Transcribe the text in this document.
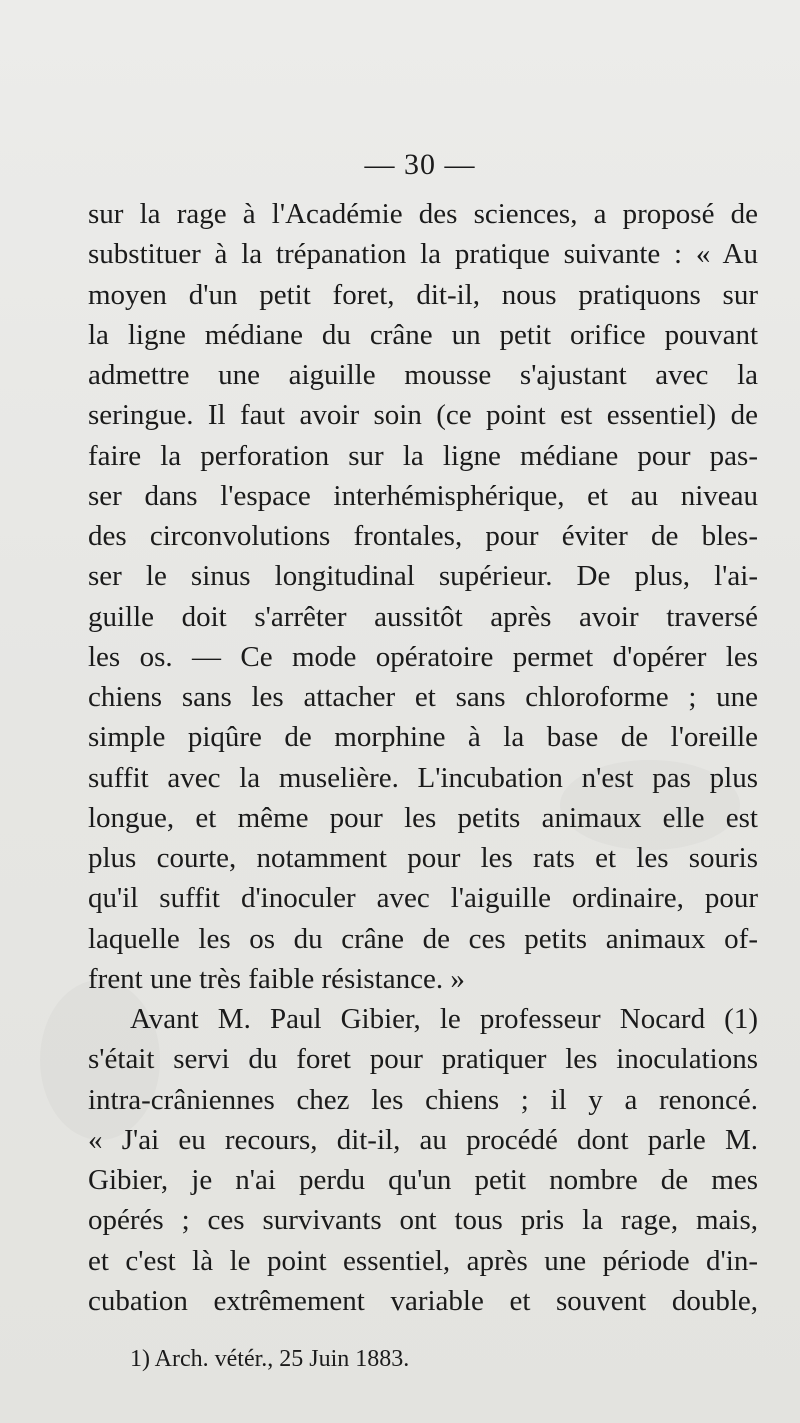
— 30 —
sur la rage à l'Académie des sciences, a proposé de
substituer à la trépanation la pratique suivante : « Au
moyen d'un petit foret, dit-il, nous pratiquons sur
la ligne médiane du crâne un petit orifice pouvant
admettre une aiguille mousse s'ajustant avec la
seringue. Il faut avoir soin (ce point est essentiel) de
faire la perforation sur la ligne médiane pour pas-
ser dans l'espace interhémisphérique, et au niveau
des circonvolutions frontales, pour éviter de bles-
ser le sinus longitudinal supérieur. De plus, l'ai-
guille doit s'arrêter aussitôt après avoir traversé
les os. — Ce mode opératoire permet d'opérer les
chiens sans les attacher et sans chloroforme ; une
simple piqûre de morphine à la base de l'oreille
suffit avec la muselière. L'incubation n'est pas plus
longue, et même pour les petits animaux elle est
plus courte, notamment pour les rats et les souris
qu'il suffit d'inoculer avec l'aiguille ordinaire, pour
laquelle les os du crâne de ces petits animaux of-
frent une très faible résistance. »
Avant M. Paul Gibier, le professeur Nocard (1)
s'était servi du foret pour pratiquer les inoculations
intra-crâniennes chez les chiens ; il y a renoncé.
« J'ai eu recours, dit-il, au procédé dont parle M.
Gibier, je n'ai perdu qu'un petit nombre de mes
opérés ; ces survivants ont tous pris la rage, mais,
et c'est là le point essentiel, après une période d'in-
cubation extrêmement variable et souvent double,
1) Arch. vétér., 25 Juin 1883.
